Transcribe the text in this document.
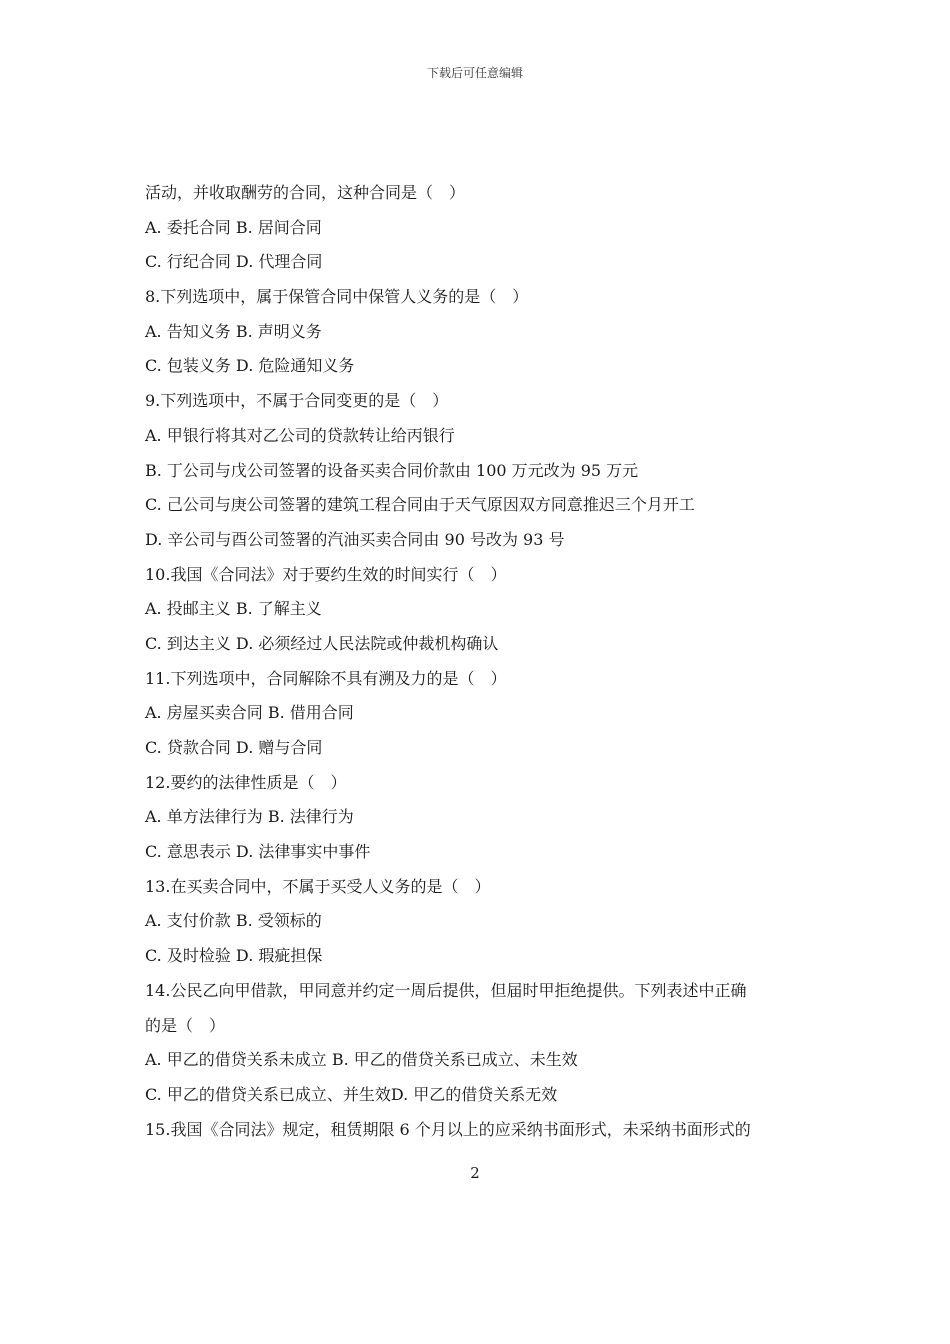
下载后可任意编辑
活动，并收取酬劳的合同，这种合同是（　）
A. 委托合同 B. 居间合同
C. 行纪合同 D. 代理合同
8.下列选项中，属于保管合同中保管人义务的是（　）
A. 告知义务 B. 声明义务
C. 包装义务 D. 危险通知义务
9.下列选项中，不属于合同变更的是（　）
A. 甲银行将其对乙公司的贷款转让给丙银行
B. 丁公司与戊公司签署的设备买卖合同价款由 100 万元改为 95 万元
C. 己公司与庚公司签署的建筑工程合同由于天气原因双方同意推迟三个月开工
D. 辛公司与酉公司签署的汽油买卖合同由 90 号改为 93 号
10.我国《合同法》对于要约生效的时间实行（　）
A. 投邮主义 B. 了解主义
C. 到达主义 D. 必须经过人民法院或仲裁机构确认
11.下列选项中，合同解除不具有溯及力的是（　）
A. 房屋买卖合同 B. 借用合同
C. 贷款合同 D. 赠与合同
12.要约的法律性质是（　）
A. 单方法律行为 B. 法律行为
C. 意思表示 D. 法律事实中事件
13.在买卖合同中，不属于买受人义务的是（　）
A. 支付价款 B. 受领标的
C. 及时检验 D. 瑕疵担保
14.公民乙向甲借款，甲同意并约定一周后提供，但届时甲拒绝提供。下列表述中正确
的是（　）
A. 甲乙的借贷关系未成立 B. 甲乙的借贷关系已成立、未生效
C. 甲乙的借贷关系已成立、并生效D. 甲乙的借贷关系无效
15.我国《合同法》规定，租赁期限 6 个月以上的应采纳书面形式，未采纳书面形式的
2
